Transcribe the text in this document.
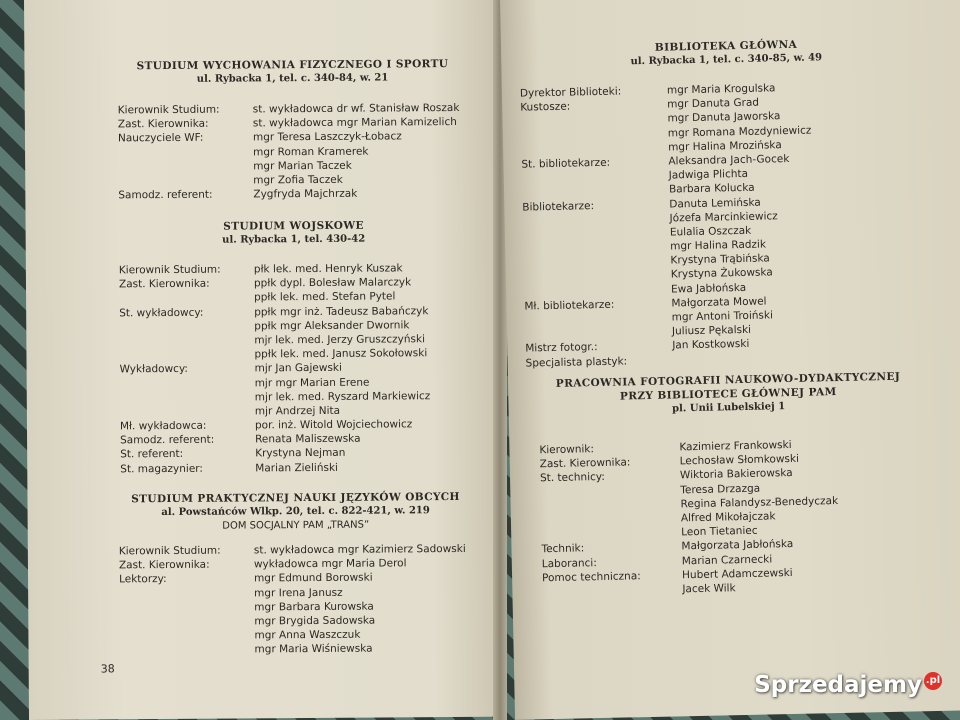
STUDIUM WYCHOWANIA FIZYCZNEGO I SPORTU
ul. Rybacka 1, tel. c. 340-84, w. 21
Kierownik Studium:	st. wykładowca dr wf. Stanisław Roszak
Zast. Kierownika:	st. wykładowca mgr Marian Kamizelich
Nauczyciele WF:	mgr Teresa Laszczyk-Łobacz
mgr Roman Kramerek
mgr Marian Taczek
mgr Zofia Taczek
Samodz. referent:	Zygfryda Majchrzak
STUDIUM WOJSKOWE
ul. Rybacka 1, tel. 430-42
Kierownik Studium:	płk lek. med. Henryk Kuszak
Zast. Kierownika:	ppłk dypl. Bolesław Malarczyk
ppłk lek. med. Stefan Pytel
St. wykładowcy:	ppłk mgr inż. Tadeusz Babańczyk
ppłk mgr Aleksander Dwornik
mjr lek. med. Jerzy Gruszczyński
ppłk lek. med. Janusz Sokołowski
Wykładowcy:	mjr Jan Gajewski
mjr mgr Marian Erene
mjr lek. med. Ryszard Markiewicz
mjr Andrzej Nita
Mł. wykładowca:	por. inż. Witold Wojciechowicz
Samodz. referent:	Renata Maliszewska
St. referent:	Krystyna Nejman
St. magazynier:	Marian Zieliński
STUDIUM PRAKTYCZNEJ NAUKI JĘZYKÓW OBCYCH
al. Powstańców Wlkp. 20, tel. c. 822-421, w. 219
DOM SOCJALNY PAM „TRANS”
Kierownik Studium:	st. wykładowca mgr Kazimierz Sadowski
Zast. Kierownika:	wykładowca mgr Maria Derol
Lektorzy:	mgr Edmund Borowski
mgr Irena Janusz
mgr Barbara Kurowska
mgr Brygida Sadowska
mgr Anna Waszczuk
mgr Maria Wiśniewska
38
BIBLIOTEKA GŁÓWNA
ul. Rybacka 1, tel. c. 340-85, w. 49
Dyrektor Biblioteki:	mgr Maria Krogulska
Kustosze:	mgr Danuta Grad
mgr Danuta Jaworska
mgr Romana Mozdyniewicz
mgr Halina Mrozińska
St. bibliotekarze:	Aleksandra Jach-Gocek
Jadwiga Plichta
Barbara Kolucka
Bibliotekarze:	Danuta Lemińska
Józefa Marcinkiewicz
Eulalia Oszczak
mgr Halina Radzik
Krystyna Trąbińska
Krystyna Żukowska
Ewa Jabłońska
Mł. bibliotekarze:	Małgorzata Mowel
mgr Antoni Troiński
Juliusz Pękalski
Mistrz fotogr.:	Jan Kostkowski
Specjalista plastyk:
PRACOWNIA FOTOGRAFII NAUKOWO-DYDAKTYCZNEJ
PRZY BIBLIOTECE GŁÓWNEJ PAM
pl. Unii Lubelskiej 1
Kierownik:	Kazimierz Frankowski
Zast. Kierownika:	Lechosław Słomkowski
St. technicy:	Wiktoria Bakierowska
Teresa Drzazga
Regina Falandysz-Benedyczak
Alfred Mikołajczak
Leon Tietaniec
Technik:	Małgorzata Jabłońska
Laboranci:	Marian Czarnecki
Pomoc techniczna:	Hubert Adamczewski
Jacek Wilk
Sprzedajemy .pl
